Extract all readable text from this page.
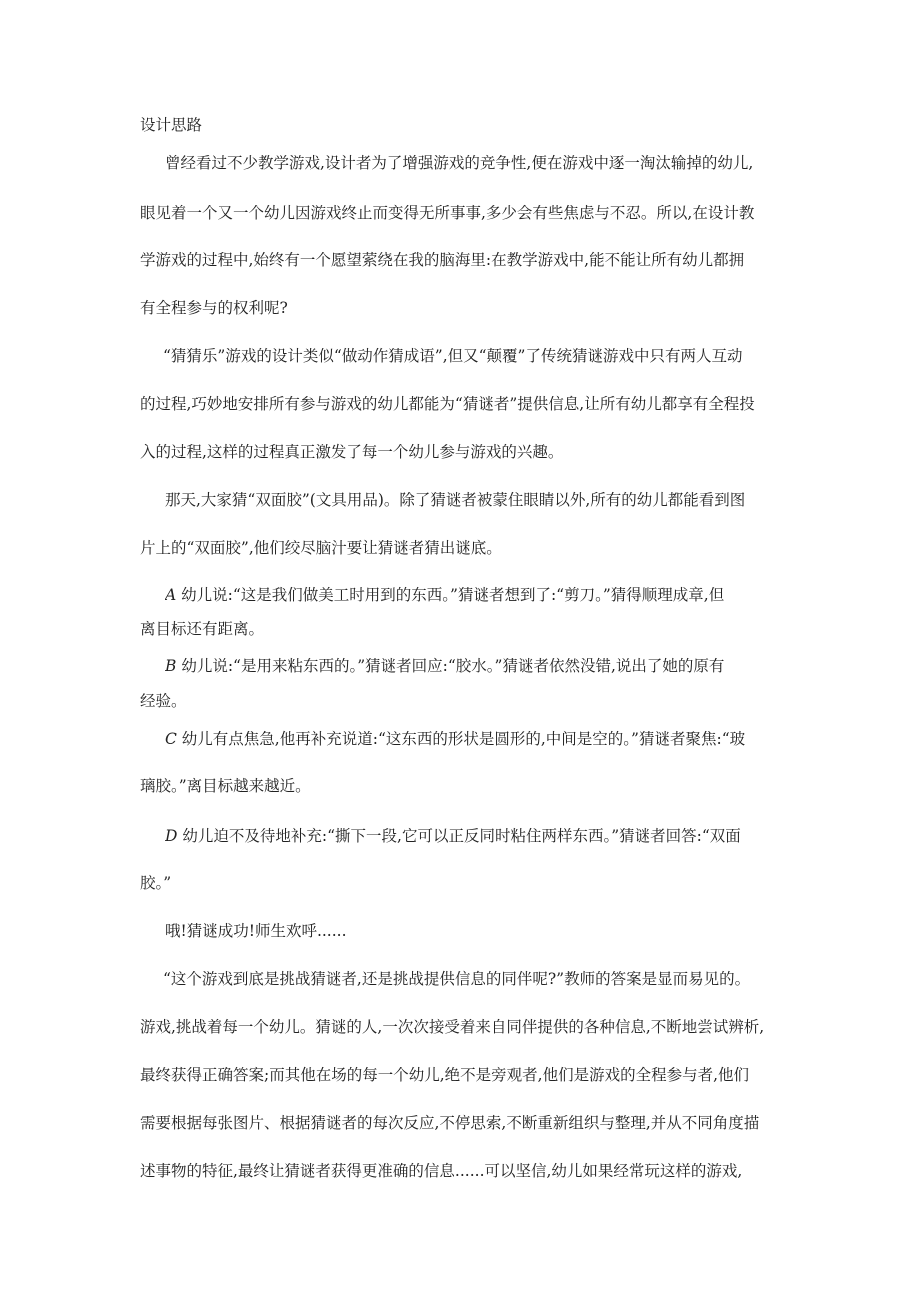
设计思路
曾经看过不少教学游戏,设计者为了增强游戏的竞争性,便在游戏中逐一淘汰输掉的幼儿,
眼见着一个又一个幼儿因游戏终止而变得无所事事,多少会有些焦虑与不忍。所以,在设计教
学游戏的过程中,始终有一个愿望萦绕在我的脑海里:在教学游戏中,能不能让所有幼儿都拥
有全程参与的权利呢?
“猜猜乐”游戏的设计类似“做动作猜成语”,但又“颠覆”了传统猜谜游戏中只有两人互动
的过程,巧妙地安排所有参与游戏的幼儿都能为“猜谜者”提供信息,让所有幼儿都享有全程投
入的过程,这样的过程真正激发了每一个幼儿参与游戏的兴趣。
那天,大家猜“双面胶”(文具用品)。除了猜谜者被蒙住眼睛以外,所有的幼儿都能看到图
片上的“双面胶”,他们绞尽脑汁要让猜谜者猜出谜底。
A 幼儿说:“这是我们做美工时用到的东西。”猜谜者想到了:“剪刀。”猜得顺理成章,但
离目标还有距离。
B 幼儿说:“是用来粘东西的。”猜谜者回应:“胶水。”猜谜者依然没错,说出了她的原有
经验。
C 幼儿有点焦急,他再补充说道:“这东西的形状是圆形的,中间是空的。”猜谜者聚焦:“玻
璃胶。”离目标越来越近。
D 幼儿迫不及待地补充:“撕下一段,它可以正反同时粘住两样东西。”猜谜者回答:“双面
胶。”
哦!猜谜成功!师生欢呼......
“这个游戏到底是挑战猜谜者,还是挑战提供信息的同伴呢?”教师的答案是显而易见的。
游戏,挑战着每一个幼儿。猜谜的人,一次次接受着来自同伴提供的各种信息,不断地尝试辨析,
最终获得正确答案;而其他在场的每一个幼儿,绝不是旁观者,他们是游戏的全程参与者,他们
需要根据每张图片、根据猜谜者的每次反应,不停思索,不断重新组织与整理,并从不同角度描
述事物的特征,最终让猜谜者获得更准确的信息......可以坚信,幼儿如果经常玩这样的游戏,
